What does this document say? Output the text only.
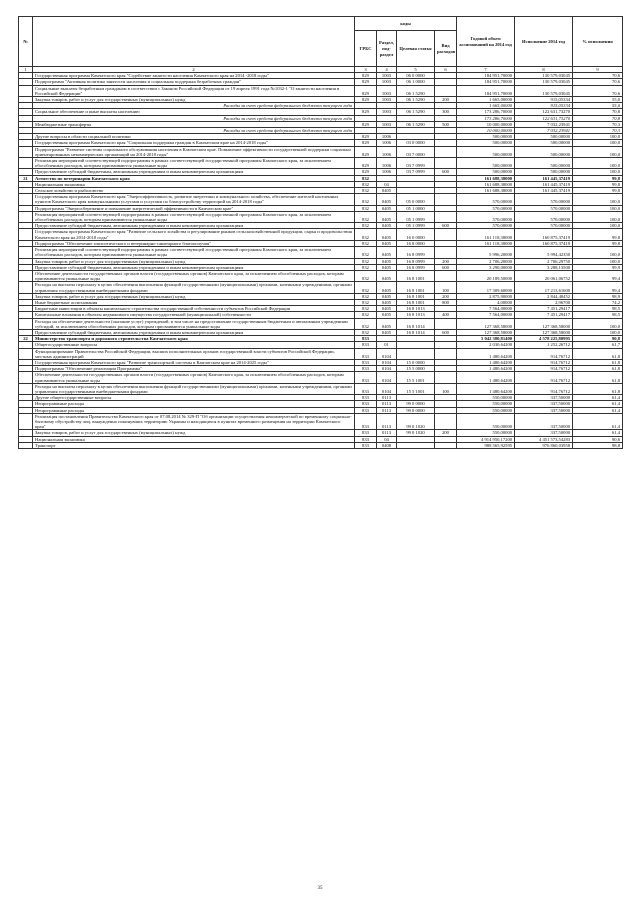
№		коды				Годовой объем ассигнований на 2014 год	Исполнение 2014 год	% исполнения
		ГРБС	Раздел, под-раздел	Целевая статья	Вид расходов			
1	2	3	4	5	6	7	8	9
	Государственная программа Камчатского края "Содействие занятости населения Камчатского края на 2014 -2018 годы"	829	1003	06 0 0000		184 951,70000	130 579,03045	70,6
	Подпрограмма "Активная политика занятости населения и социальная поддержка безработных граждан"	829	1003	06 1 0000		184 951,70000	130 579,03045	70,6
	Социальные выплаты безработным гражданам в соответствии с Законом Российской Федерации от 19 апреля 1991 года №1032-1 "О занятости населения в Российской Федерации"	829	1003	06 1 5290		184 951,70000	130 579,03045	70,6
	Закупка товаров, работ и услуг для государственных (муниципальных) нужд	829	1003	06 1 5290	200	1 665,00000	915,05334	55,0
	Расходы за счет средств федерального бюджета текущего года					1 665,00000	915,05334	55,0
	Социальное обеспечение и иные выплаты населению	829	1003	06 1 5290	300	173 286,70000	122 631,73270	70,8
	Расходы за счет средств федерального бюджета текущего года					173 286,70000	122 631,73270	70,8
	Межбюджетные трансферты	829	1003	06 1 5290	500	10 000,00000	7 032,23941	70,3
	Расходы за счет средств федерального бюджета текущего года					10 000,00000	7 032,23941	70,3
	Другие вопросы в области социальной политики	829	1006			500,00000	500,00000	100,0
	Государственная программа Камчатского края "Социальная поддержка граждан в Камчатском крае на 2014-2018 годы"	829	1006	03 0 0000		500,00000	500,00000	100,0
	Подпрограмма "Развитие системы социального обслуживания населения в Камчатском крае. Повышение эффективности государственной поддержки социально ориентированных некоммерческих организаций на 2014-2018 годы"	829	1006	03 7 0000		500,00000	500,00000	100,0
	Реализация мероприятий соответствующей подпрограммы в рамках соответствующей государственной программы Камчатского края, за исключением обособленных расходов, которым присваиваются уникальные коды	829	1006	03 7 0999		500,00000	500,00000	100,0
	Предоставление субсидий бюджетным, автономным учреждениям и иным некоммерческим организациям	829	1006	03 7 0999	600	500,00000	500,00000	100,0
21	Агентство по ветеринарии Камчатского края	832				161 688,38000	161 445,37419	99,8
	Национальная экономика	832	04			161 688,38000	161 445,37419	99,8
	Сельское хозяйство и рыболовство	832	0405			161 688,38000	161 445,37419	99,8
	Государственная программа Камчатского края "Энергоэффективность, развитие энергетики и коммунального хозяйства, обеспечение жителей населенных пунктов Камчатского края коммунальными услугами и услугами по благоустройству территорий на 2014-2018 годы"	832	0405	05 0 0000		570,00000	570,00000	100,0
	Подпрограмма "Энергосбережение и повышение энергетической эффективности в Камчатском крае"	832	0405	05 1 0000		570,00000	570,00000	100,0
	Реализация мероприятий соответствующей подпрограммы в рамках соответствующей государственной программы Камчатского края, за исключением обособленных расходов, которым присваиваются уникальные коды	832	0405	05 1 0999		570,00000	570,00000	100,0
	Предоставление субсидий бюджетным, автономным учреждениям и иным некоммерческим организациям	832	0405	05 1 0999	600	570,00000	570,00000	100,0
	Государственная программа Камчатского края "Развитие сельского хозяйства и регулирование рынков сельскохозяйственной продукции, сырья и продовольствия Камчатского края на 2014-2018 годы"	832	0405	16 0 0000		161 118,38000	160 875,37419	99,8
	Подпрограмма "Обеспечение эпизоотического и ветеринарно-санитарного благополучия"	832	0405	16 8 0000		161 118,38000	160 875,37419	99,8
	Реализация мероприятий соответствующей подпрограммы в рамках соответствующей государственной программы Камчатского края, за исключением обособленных расходов, которым присваиваются уникальные коды	832	0405	16 8 0999		5 996,20000	5 994,42350	100,0
	Закупка товаров, работ и услуг для государственных (муниципальных) нужд	832	0405	16 8 0999	200	2 706,20000	2 706,29750	100,0
	Предоставление субсидий бюджетным, автономным учреждениям и иным некоммерческим организациям	832	0405	16 8 0999	600	3 290,00000	3 288,13500	99,9
	Обеспечение деятельности государственных органов власти (государственных органов) Камчатского края, за исключением обособленных расходов, которым присваиваются уникальные коды	832	0405	16 8 1001		20 189,50000	20 061,06752	99,4
	Расходы на выплаты персоналу в целях обеспечения выполнения функций государственными (муниципальными) органами, казенными учреждениями, органами управления государственными внебюджетными фондами	832	0405	16 8 1001	100	17 309,60000	17 213,61600	99,4
	Закупка товаров, работ и услуг для государственных (муниципальных) нужд	832	0405	16 8 1001	200	2 875,90000	2 844,48452	98,9
	Иные бюджетные ассигнования	832	0405	16 8 1001	800	4,00000	2,96700	74,2
	Бюджетные инвестиции в объекты капитального строительства государственной собственности субъектов Российской Федерации	832	0405	16 8 1013		7 564,00000	7 451,29417	98,5
	Капитальные вложения в объекты недвижимого имущества государственной (муниципальной) собственности	832	0405	16 8 1013	400	7 564,00000	7 451,29417	98,5
	Расходы на обеспечение деятельности (оказание услуг) учреждений, в том числе на предоставление государственным бюджетным и автономным учреждениям субсидий, за исключением обособленных расходов, которым присваиваются уникальные коды	832	0405	16 8 1014		127 368,58000	127 368,58000	100,0
	Предоставление субсидий бюджетным, автономным учреждениям и иным некоммерческим организациям	832	0405	16 8 1014	600	127 368,58000	127 368,58000	100,0
22	Министерство транспорта и дорожного строительства Камчатского края	833				5 042 380,81400	4 578 225,80995	90,8
	Общегосударственные вопросы	833	01			2 030,64200	1 252,26712	61,7
	Функционирование Правительства Российской Федерации, высших исполнительных органов государственной власти субъектов Российской Федерации, местных администраций	833	0104			1 480,64200	914,76712	61,8
	Государственная программа Камчатского края "Развитие транспортной системы в Камчатском крае на 2014-2025 годы"	833	0104	15 0 0000		1 480,64200	914,76712	61,8
	Подпрограмма "Обеспечение реализации Программы"	833	0104	15 5 0000		1 480,64200	914,76712	61,8
	Обеспечение деятельности государственных органов власти (государственных органов) Камчатского края, за исключением обособленных расходов, которым присваиваются уникальные коды	833	0104	15 5 1001		1 480,64200	914,76712	61,8
	Расходы на выплаты персоналу в целях обеспечения выполнения функций государственными (муниципальными) органами, казенными учреждениями, органами управления государственными внебюджетными фондами	833	0104	15 5 1001	100	1 480,64200	914,76712	61,8
	Другие общегосударственные вопросы	833	0113			550,00000	337,50000	61,4
	Непрограммные расходы	833	0113	99 0 0000		550,00000	337,50000	61,4
	Непрограммные расходы	833	0113	99 0 0000		550,00000	337,50000	61,4
	Реализация постановления Правительства Камчатского края от 07.08.2014 № 329-П "Об организации осуществления некоммерческой по временному социально-бытовому обустройству лиц, вынужденно покинувших территорию Украины и находящихся в пунктах временного размещения на территории Камчатского края"	833	0113	99 0 1020		550,00000	337,50000	61,4
	Закупка товаров, работ и услуг для государственных (муниципальных) нужд	833	0113	99 0 1020	200	550,00000	337,50000	61,4
	Национальная экономика	833	04			4 914 950,17200	4 451 573,54283	90,6
	Транспорт	833	0408			988 565,92595	976 860,03958	98,8
35
